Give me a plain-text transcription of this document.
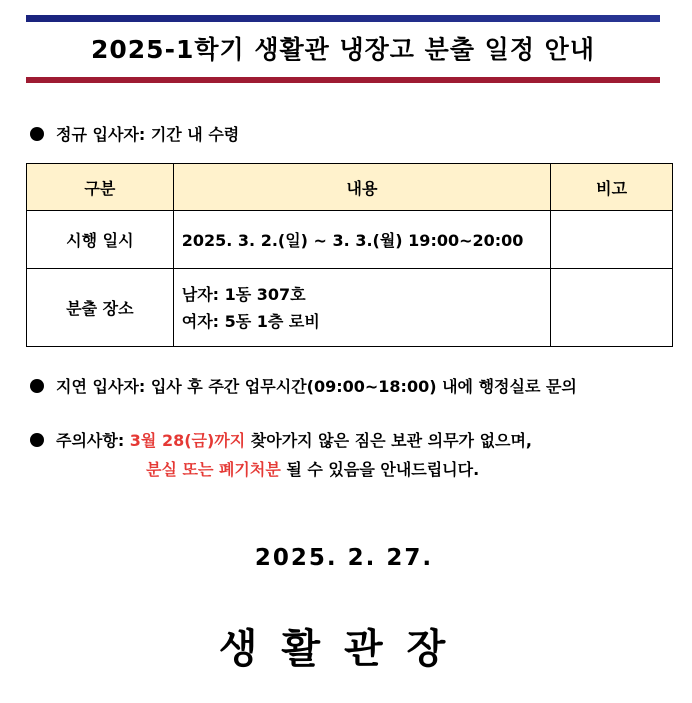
2025-1학기 생활관 냉장고 분출 일정 안내
정규 입사자: 기간 내 수령
구분	내용	비고
시행 일시	2025. 3. 2.(일) ~ 3. 3.(월) 19:00~20:00	
분출 장소	남자: 1동 307호
여자: 5동 1층 로비	

지연 입사자: 입사 후 주간 업무시간(09:00~18:00) 내에 행정실로 문의
주의사항: 3월 28(금)까지 찾아가지 않은 짐은 보관 의무가 없으며,
분실 또는 폐기처분 될 수 있음을 안내드립니다.
2025. 2. 27.
생활관장
